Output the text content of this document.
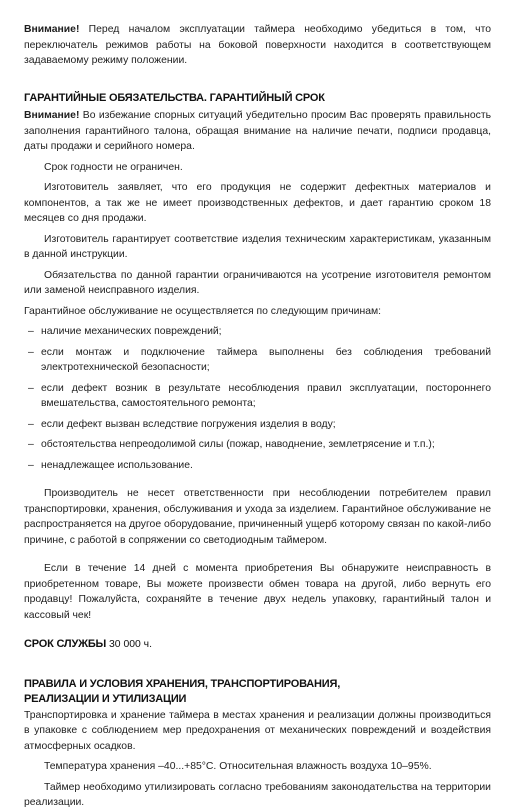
Внимание! Перед началом эксплуатации таймера необходимо убедиться в том, что переключатель режимов работы на боковой поверхности находится в соответствующем задаваемому режиму положении.

ГАРАНТИЙНЫЕ ОБЯЗАТЕЛЬСТВА. ГАРАНТИЙНЫЙ СРОК

Внимание! Во избежание спорных ситуаций убедительно просим Вас проверять правильность заполнения гарантийного талона, обращая внимание на наличие печати, подписи продавца, даты продажи и серийного номера.

Срок годности не ограничен.

Изготовитель заявляет, что его продукция не содержит дефектных материалов и компонентов, а так же не имеет производственных дефектов, и дает гарантию сроком 18 месяцев со дня продажи.

Изготовитель гарантирует соответствие изделия техническим характеристикам, указанным в данной инструкции.

Обязательства по данной гарантии ограничиваются на усотрение изготовителя ремонтом или заменой неисправного изделия.

Гарантийное обслуживание не осуществляется по следующим причинам:

– наличие механических повреждений;
– если монтаж и подключение таймера выполнены без соблюдения требований электротехнической безопасности;
– если дефект возник в результате несоблюдения правил эксплуатации, постороннего вмешательства, самостоятельного ремонта;
– если дефект вызван вследствие погружения изделия в воду;
– обстоятельства непреодолимой силы (пожар, наводнение, землетрясение и т.п.);
– ненадлежащее использование.

Производитель не несет ответственности при несоблюдении потребителем правил транспортировки, хранения, обслуживания и ухода за изделием. Гарантийное обслуживание не распространяется на другое оборудование, причиненный ущерб которому связан по какой-либо причине, с работой в сопряжении со светодиодным таймером.

Если в течение 14 дней с момента приобретения Вы обнаружите неисправность в приобретенном товаре, Вы можете произвести обмен товара на другой, либо вернуть его продавцу! Пожалуйста, сохраняйте в течение двух недель упаковку, гарантийный талон и кассовый чек!

СРОК СЛУЖБЫ 30 000 ч.
ПРАВИЛА И УСЛОВИЯ ХРАНЕНИЯ, ТРАНСПОРТИРОВАНИЯ,
РЕАЛИЗАЦИИ И УТИЛИЗАЦИИ

Транспортировка и хранение таймера в местах хранения и реализации должны производиться в упаковке с соблюдением мер предохранения от механических повреждений и воздействия атмосферных осадков.

Температура хранения –40...+85°С. Относительная влажность воздуха 10–95%.

Таймер необходимо утилизировать согласно требованиям законодательства на территории реализации.
